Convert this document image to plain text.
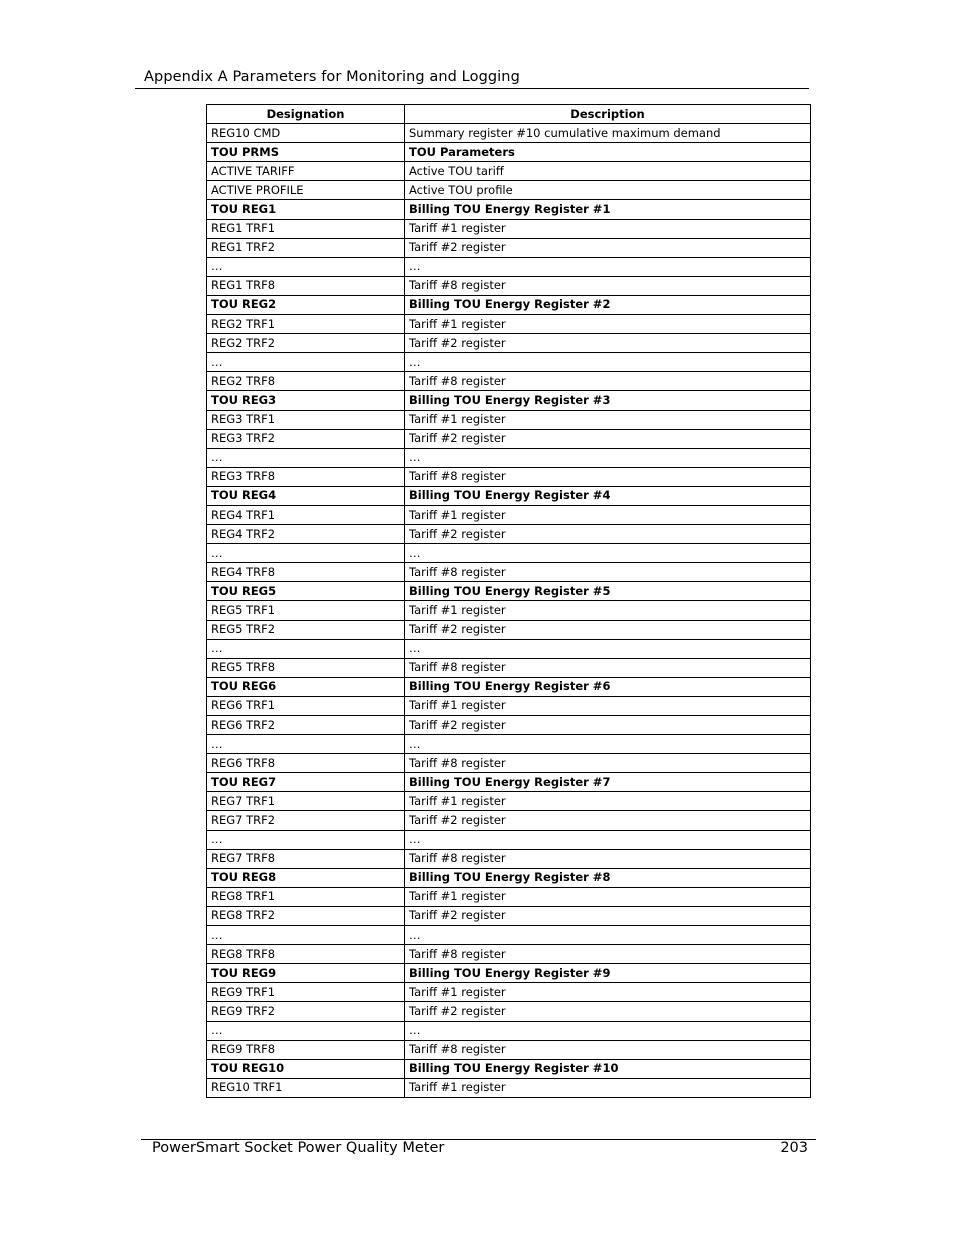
Appendix A Parameters for Monitoring and Logging
Designation	Description
REG10 CMD	Summary register #10 cumulative maximum demand
TOU PRMS	TOU Parameters
ACTIVE TARIFF	Active TOU tariff
ACTIVE PROFILE	Active TOU profile
TOU REG1	Billing TOU Energy Register #1
REG1 TRF1	Tariff #1 register
REG1 TRF2	Tariff #2 register
…	…
REG1 TRF8	Tariff #8 register
TOU REG2	Billing TOU Energy Register #2
REG2 TRF1	Tariff #1 register
REG2 TRF2	Tariff #2 register
…	…
REG2 TRF8	Tariff #8 register
TOU REG3	Billing TOU Energy Register #3
REG3 TRF1	Tariff #1 register
REG3 TRF2	Tariff #2 register
…	…
REG3 TRF8	Tariff #8 register
TOU REG4	Billing TOU Energy Register #4
REG4 TRF1	Tariff #1 register
REG4 TRF2	Tariff #2 register
…	…
REG4 TRF8	Tariff #8 register
TOU REG5	Billing TOU Energy Register #5
REG5 TRF1	Tariff #1 register
REG5 TRF2	Tariff #2 register
…	…
REG5 TRF8	Tariff #8 register
TOU REG6	Billing TOU Energy Register #6
REG6 TRF1	Tariff #1 register
REG6 TRF2	Tariff #2 register
…	…
REG6 TRF8	Tariff #8 register
TOU REG7	Billing TOU Energy Register #7
REG7 TRF1	Tariff #1 register
REG7 TRF2	Tariff #2 register
…	…
REG7 TRF8	Tariff #8 register
TOU REG8	Billing TOU Energy Register #8
REG8 TRF1	Tariff #1 register
REG8 TRF2	Tariff #2 register
…	…
REG8 TRF8	Tariff #8 register
TOU REG9	Billing TOU Energy Register #9
REG9 TRF1	Tariff #1 register
REG9 TRF2	Tariff #2 register
…	…
REG9 TRF8	Tariff #8 register
TOU REG10	Billing TOU Energy Register #10
REG10 TRF1	Tariff #1 register
PowerSmart Socket Power Quality Meter	203
